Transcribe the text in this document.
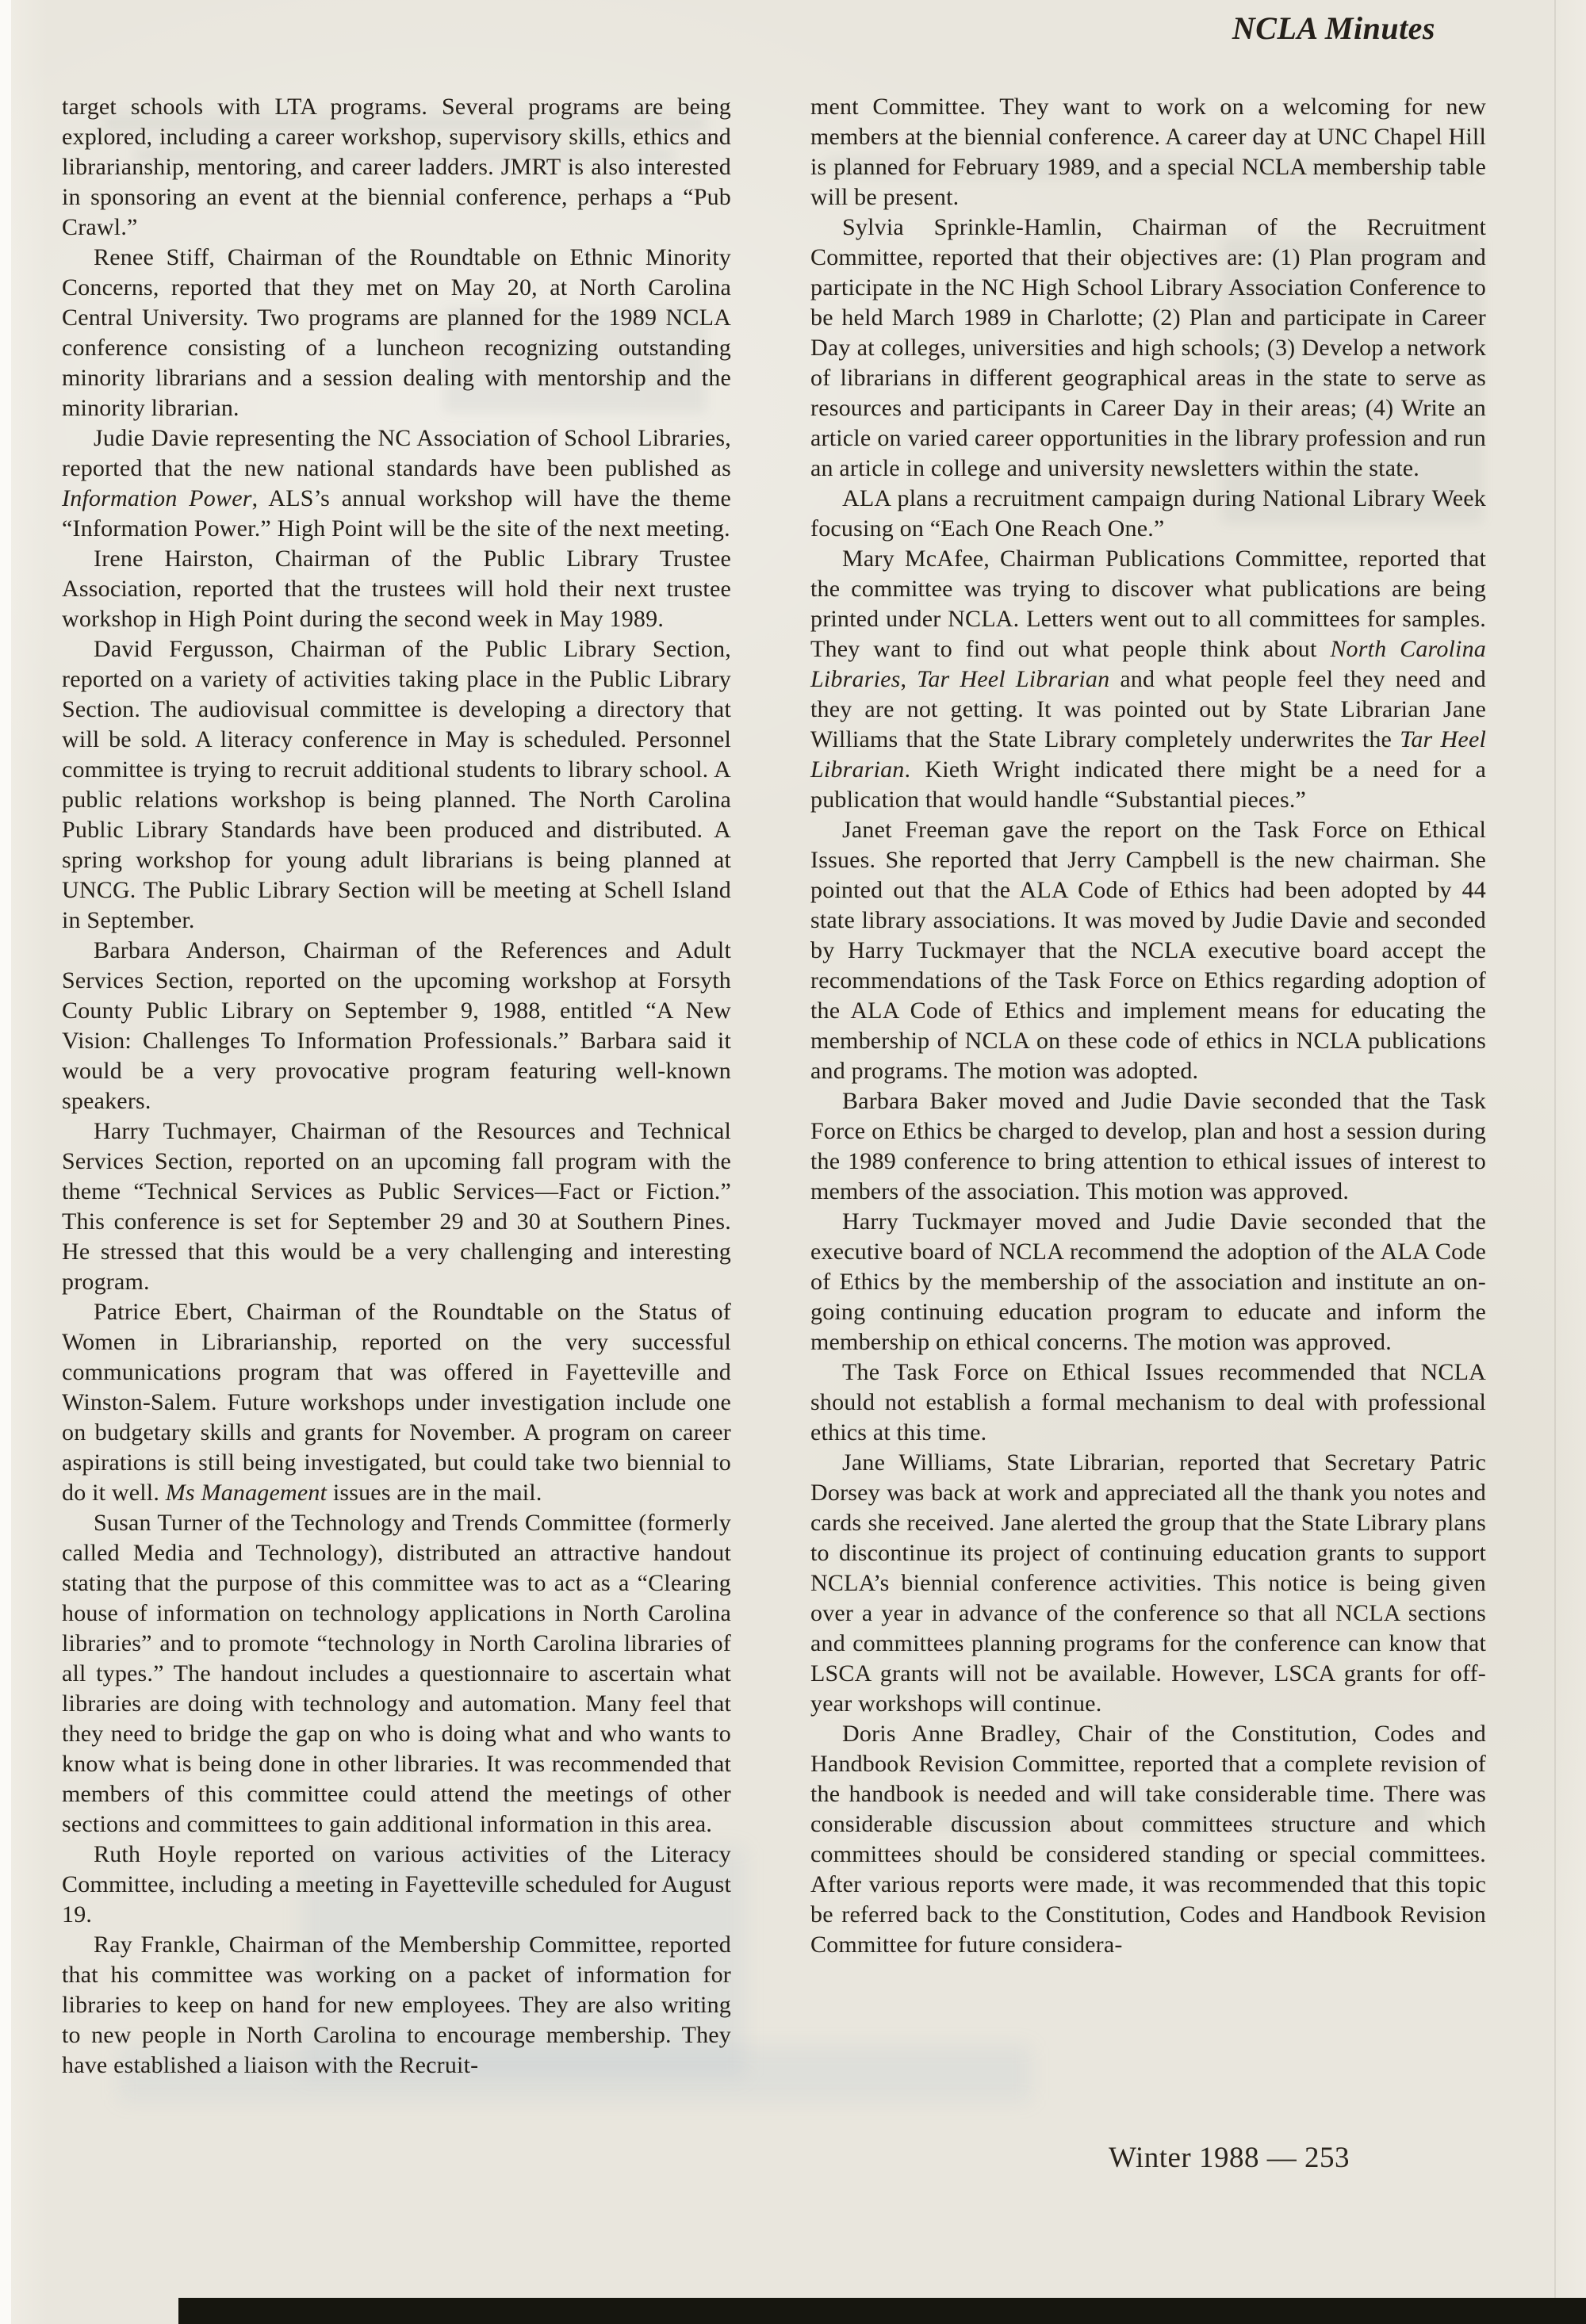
NCLA Minutes

target schools with LTA programs. Several programs are being explored, including a career workshop, supervisory skills, ethics and librarianship, mentoring, and career ladders. JMRT is also interested in sponsoring an event at the biennial conference, perhaps a “Pub Crawl.”

Renee Stiff, Chairman of the Roundtable on Ethnic Minority Concerns, reported that they met on May 20, at North Carolina Central University. Two programs are planned for the 1989 NCLA conference consisting of a luncheon recognizing outstanding minority librarians and a session dealing with mentorship and the minority librarian.

Judie Davie representing the NC Association of School Libraries, reported that the new national standards have been published as Information Power, ALS’s annual workshop will have the theme “Information Power.” High Point will be the site of the next meeting.

Irene Hairston, Chairman of the Public Library Trustee Association, reported that the trustees will hold their next trustee workshop in High Point during the second week in May 1989.

David Fergusson, Chairman of the Public Library Section, reported on a variety of activities taking place in the Public Library Section. The audiovisual committee is developing a directory that will be sold. A literacy conference in May is scheduled. Personnel committee is trying to recruit additional students to library school. A public relations workshop is being planned. The North Carolina Public Library Standards have been produced and distributed. A spring workshop for young adult librarians is being planned at UNCG. The Public Library Section will be meeting at Schell Island in September.

Barbara Anderson, Chairman of the References and Adult Services Section, reported on the upcoming workshop at Forsyth County Public Library on September 9, 1988, entitled “A New Vision: Challenges To Information Professionals.” Barbara said it would be a very provocative program featuring well-known speakers.

Harry Tuchmayer, Chairman of the Resources and Technical Services Section, reported on an upcoming fall program with the theme “Technical Services as Public Services—Fact or Fiction.” This conference is set for September 29 and 30 at Southern Pines. He stressed that this would be a very challenging and interesting program.

Patrice Ebert, Chairman of the Roundtable on the Status of Women in Librarianship, reported on the very successful communications program that was offered in Fayetteville and Winston-Salem. Future workshops under investigation include one on budgetary skills and grants for November. A program on career aspirations is still being investigated, but could take two biennial to do it well. Ms Management issues are in the mail.

Susan Turner of the Technology and Trends Committee (formerly called Media and Technology), distributed an attractive handout stating that the purpose of this committee was to act as a “Clearing house of information on technology applications in North Carolina libraries” and to promote “technology in North Carolina libraries of all types.” The handout includes a questionnaire to ascertain what libraries are doing with technology and automation. Many feel that they need to bridge the gap on who is doing what and who wants to know what is being done in other libraries. It was recommended that members of this committee could attend the meetings of other sections and committees to gain additional information in this area.

Ruth Hoyle reported on various activities of the Literacy Committee, including a meeting in Fayetteville scheduled for August 19.

Ray Frankle, Chairman of the Membership Committee, reported that his committee was working on a packet of information for libraries to keep on hand for new employees. They are also writing to new people in North Carolina to encourage membership. They have established a liaison with the Recruit-

ment Committee. They want to work on a welcoming for new members at the biennial conference. A career day at UNC Chapel Hill is planned for February 1989, and a special NCLA membership table will be present.

Sylvia Sprinkle-Hamlin, Chairman of the Recruitment Committee, reported that their objectives are: (1) Plan program and participate in the NC High School Library Association Conference to be held March 1989 in Charlotte; (2) Plan and participate in Career Day at colleges, universities and high schools; (3) Develop a network of librarians in different geographical areas in the state to serve as resources and participants in Career Day in their areas; (4) Write an article on varied career opportunities in the library profession and run an article in college and university newsletters within the state.

ALA plans a recruitment campaign during National Library Week focusing on “Each One Reach One.”

Mary McAfee, Chairman Publications Committee, reported that the committee was trying to discover what publications are being printed under NCLA. Letters went out to all committees for samples. They want to find out what people think about North Carolina Libraries, Tar Heel Librarian and what people feel they need and they are not getting. It was pointed out by State Librarian Jane Williams that the State Library completely underwrites the Tar Heel Librarian. Kieth Wright indicated there might be a need for a publication that would handle “Substantial pieces.”

Janet Freeman gave the report on the Task Force on Ethical Issues. She reported that Jerry Campbell is the new chairman. She pointed out that the ALA Code of Ethics had been adopted by 44 state library associations. It was moved by Judie Davie and seconded by Harry Tuckmayer that the NCLA executive board accept the recommendations of the Task Force on Ethics regarding adoption of the ALA Code of Ethics and implement means for educating the membership of NCLA on these code of ethics in NCLA publications and programs. The motion was adopted.

Barbara Baker moved and Judie Davie seconded that the Task Force on Ethics be charged to develop, plan and host a session during the 1989 conference to bring attention to ethical issues of interest to members of the association. This motion was approved.

Harry Tuckmayer moved and Judie Davie seconded that the executive board of NCLA recommend the adoption of the ALA Code of Ethics by the membership of the association and institute an on-going continuing education program to educate and inform the membership on ethical concerns. The motion was approved.

The Task Force on Ethical Issues recommended that NCLA should not establish a formal mechanism to deal with professional ethics at this time.

Jane Williams, State Librarian, reported that Secretary Patric Dorsey was back at work and appreciated all the thank you notes and cards she received. Jane alerted the group that the State Library plans to discontinue its project of continuing education grants to support NCLA’s biennial conference activities. This notice is being given over a year in advance of the conference so that all NCLA sections and committees planning programs for the conference can know that LSCA grants will not be available. However, LSCA grants for off-year workshops will continue.

Doris Anne Bradley, Chair of the Constitution, Codes and Handbook Revision Committee, reported that a complete revision of the handbook is needed and will take considerable time. There was considerable discussion about committees structure and which committees should be considered standing or special committees. After various reports were made, it was recommended that this topic be referred back to the Constitution, Codes and Handbook Revision Committee for future considera-

Winter 1988 — 253
